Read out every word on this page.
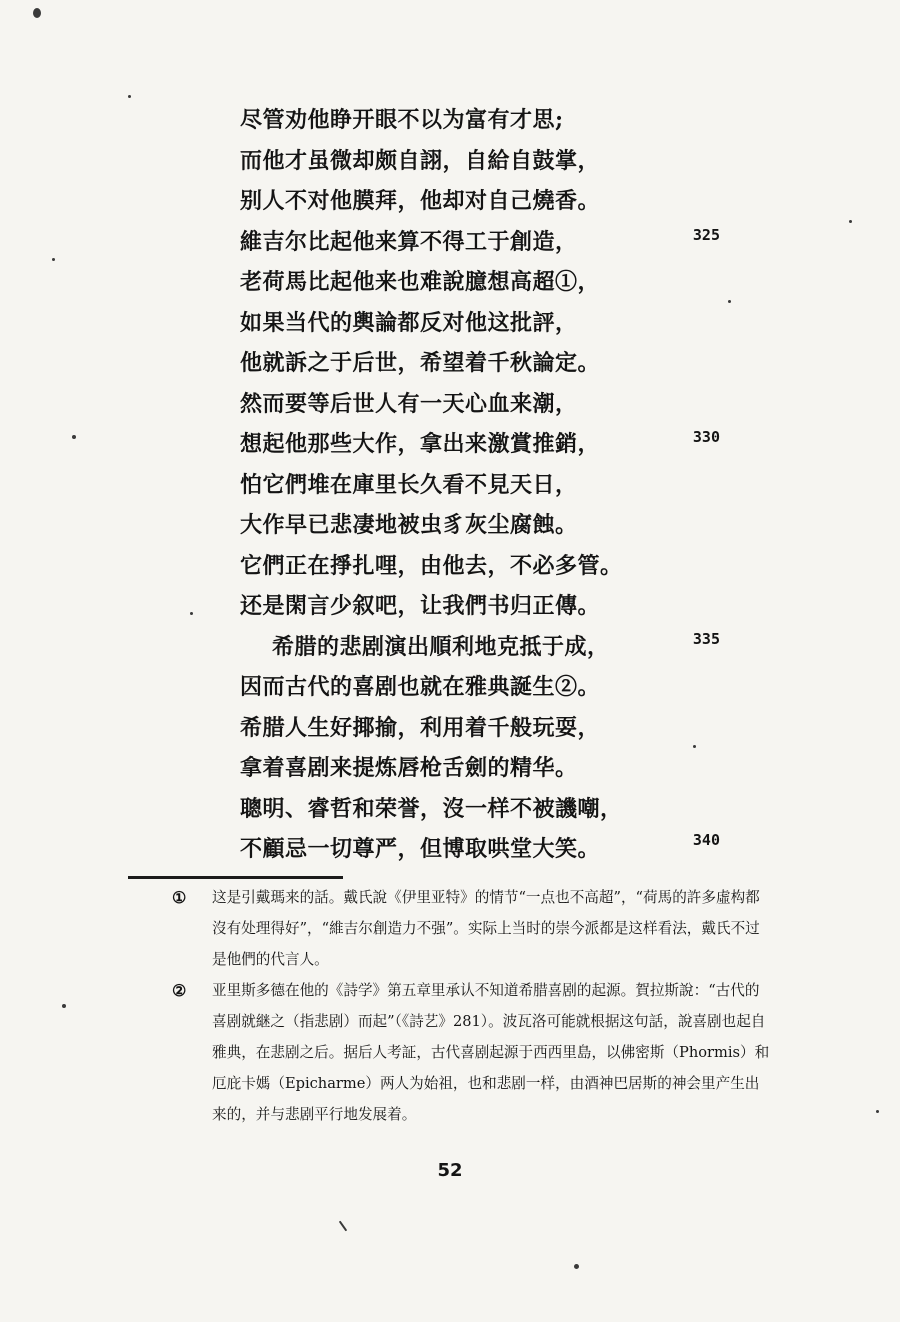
尽管劝他睁开眼不以为富有才思;
而他才虽微却颇自詡，自給自鼓掌，
别人不对他膜拜，他却对自己燒香。
維吉尔比起他来算不得工于創造，
老荷馬比起他来也难說臆想高超①，
如果当代的輿論都反对他这批評，
他就訴之于后世，希望着千秋論定。
然而要等后世人有一天心血来潮，
想起他那些大作，拿出来激賞推銷，
怕它們堆在庫里长久看不見天日，
大作早已悲凄地被虫豸灰尘腐蝕。
它們正在掙扎哩，由他去，不必多管。
还是閑言少叙吧，让我們书归正傳。
希腊的悲剧演出順利地克抵于成，
因而古代的喜剧也就在雅典誕生②。
希腊人生好揶揄，利用着千般玩耍，
拿着喜剧来提炼唇枪舌劍的精华。
聰明、睿哲和荣誉，沒一样不被譏嘲，
不顧忌一切尊严，但博取哄堂大笑。
325
330
335
340
① 这是引戴瑪来的話。戴氏說《伊里亚特》的情节“一点也不高超”，“荷馬的許多虛构都沒有处理得好”，“維吉尔創造力不强”。实际上当时的崇今派都是这样看法，戴氏不过是他們的代言人。
② 亚里斯多德在他的《詩学》第五章里承认不知道希腊喜剧的起源。賀拉斯說：“古代的喜剧就継之（指悲剧）而起”（《詩艺》281）。波瓦洛可能就根据这句話，說喜剧也起自雅典，在悲剧之后。据后人考証，古代喜剧起源于西西里島，以佛密斯（Phormis）和厄庇卡媽（Epicharme）两人为始祖，也和悲剧一样，由酒神巴居斯的神会里产生出来的，并与悲剧平行地发展着。
52
